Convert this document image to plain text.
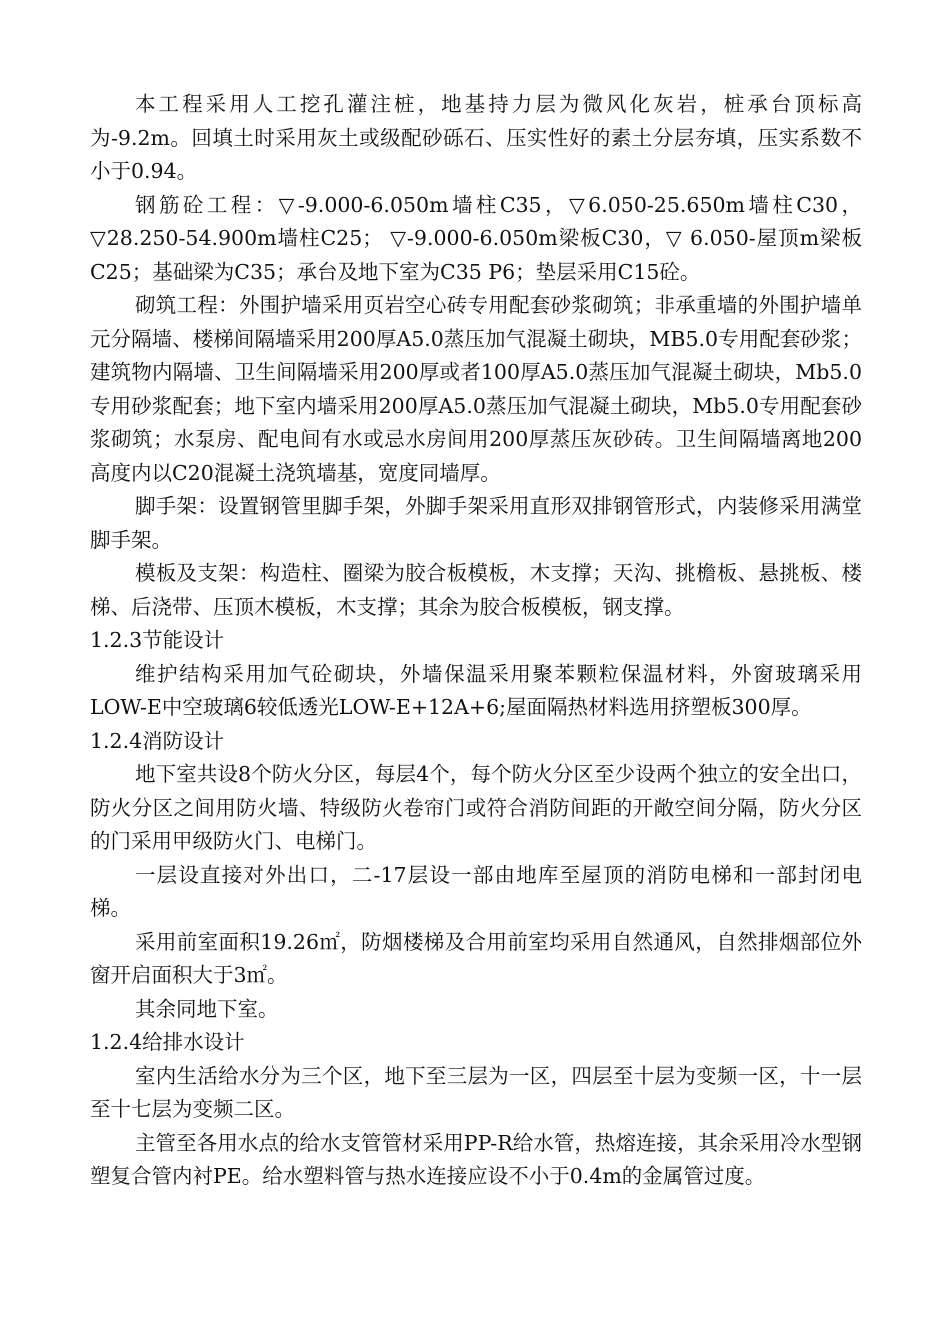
本工程采用人工挖孔灌注桩，地基持力层为微风化灰岩，桩承台顶标高为-9.2m。回填土时采用灰土或级配砂砾石、压实性好的素土分层夯填，压实系数不小于0.94。

钢筋砼工程：▽-9.000-6.050m墙柱C35，▽6.050-25.650m墙柱C30，▽28.250-54.900m墙柱C25； ▽-9.000-6.050m梁板C30，▽ 6.050-屋顶m梁板C25；基础梁为C35；承台及地下室为C35 P6；垫层采用C15砼。

砌筑工程：外围护墙采用页岩空心砖专用配套砂浆砌筑；非承重墙的外围护墙单元分隔墙、楼梯间隔墙采用200厚A5.0蒸压加气混凝土砌块，MB5.0专用配套砂浆；建筑物内隔墙、卫生间隔墙采用200厚或者100厚A5.0蒸压加气混凝土砌块，Mb5.0专用砂浆配套；地下室内墙采用200厚A5.0蒸压加气混凝土砌块，Mb5.0专用配套砂浆砌筑；水泵房、配电间有水或忌水房间用200厚蒸压灰砂砖。卫生间隔墙离地200高度内以C20混凝土浇筑墙基，宽度同墙厚。

脚手架：设置钢管里脚手架，外脚手架采用直形双排钢管形式，内装修采用满堂脚手架。

模板及支架：构造柱、圈梁为胶合板模板，木支撑；天沟、挑檐板、悬挑板、楼梯、后浇带、压顶木模板，木支撑；其余为胶合板模板，钢支撑。

1.2.3节能设计

维护结构采用加气砼砌块，外墙保温采用聚苯颗粒保温材料，外窗玻璃采用LOW-E中空玻璃6较低透光LOW-E+12A+6;屋面隔热材料选用挤塑板300厚。

1.2.4消防设计

地下室共设8个防火分区，每层4个，每个防火分区至少设两个独立的安全出口，防火分区之间用防火墙、特级防火卷帘门或符合消防间距的开敞空间分隔，防火分区的门采用甲级防火门、电梯门。

一层设直接对外出口，二-17层设一部由地库至屋顶的消防电梯和一部封闭电梯。

采用前室面积19.26㎡，防烟楼梯及合用前室均采用自然通风，自然排烟部位外窗开启面积大于3㎡。

其余同地下室。

1.2.4给排水设计

室内生活给水分为三个区，地下至三层为一区，四层至十层为变频一区，十一层至十七层为变频二区。

主管至各用水点的给水支管管材采用PP-R给水管，热熔连接，其余采用冷水型钢塑复合管内衬PE。给水塑料管与热水连接应设不小于0.4m的金属管过度。
